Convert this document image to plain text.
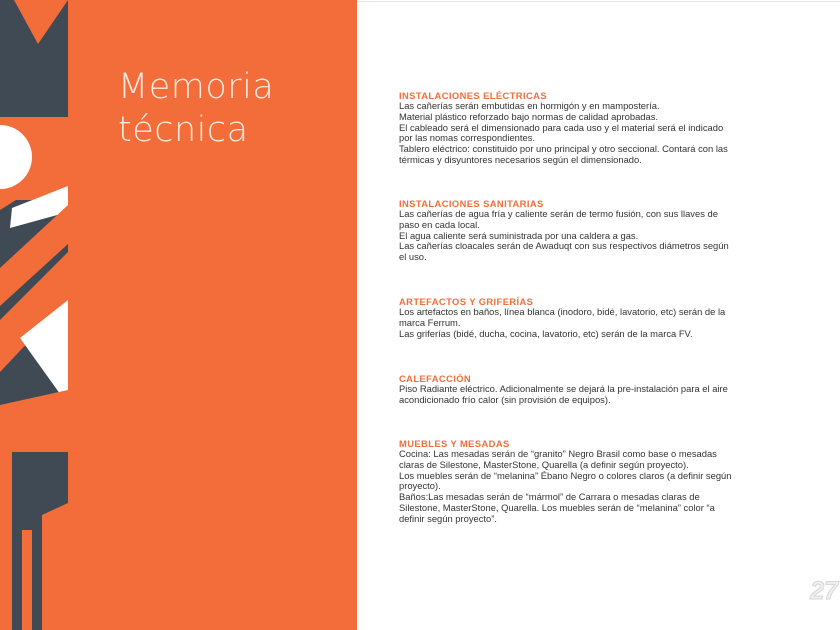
Memoria
técnica

INSTALACIONES ELÉCTRICAS

Las cañerías serán embutidas en hormigón y en mampostería.

Material plástico reforzado bajo normas de calidad aprobadas.

El cableado será el dimensionado para cada uso y el material será el indicado

por las nomas correspondientes.

Tablero eléctrico: constituido por uno principal y otro seccional. Contará con las

térmicas y disyuntores necesarios según el dimensionado.

INSTALACIONES SANITARIAS

Las cañerías de agua fría y caliente serán de termo fusión, con sus llaves de

paso en cada local.

El agua caliente será suministrada por una caldera a gas.

Las cañerías cloacales serán de Awaduqt con sus respectivos diámetros según

el uso.

ARTEFACTOS Y GRIFERÍAS

Los artefactos en baños, línea blanca (inodoro, bidé, lavatorio, etc) serán de la

marca Ferrum.

Las griferías (bidé, ducha, cocina, lavatorio, etc) serán de la marca FV.

CALEFACCIÓN

Piso Radiante eléctrico. Adicionalmente se dejará la pre-instalación para el aire

acondicionado frío calor (sin provisión de equipos).

MUEBLES Y MESADAS

Cocina: Las mesadas serán de “granito” Negro Brasil como base o mesadas

claras de Silestone, MasterStone, Quarella (a definir según proyecto).

Los muebles serán de “melanina” Ébano Negro o colores claros (a definir según

proyecto).

Baños:Las mesadas serán de “mármol” de Carrara o mesadas claras de

Silestone, MasterStone, Quarella. Los muebles serán de “melanina” color “a

definir según proyecto”.

27
